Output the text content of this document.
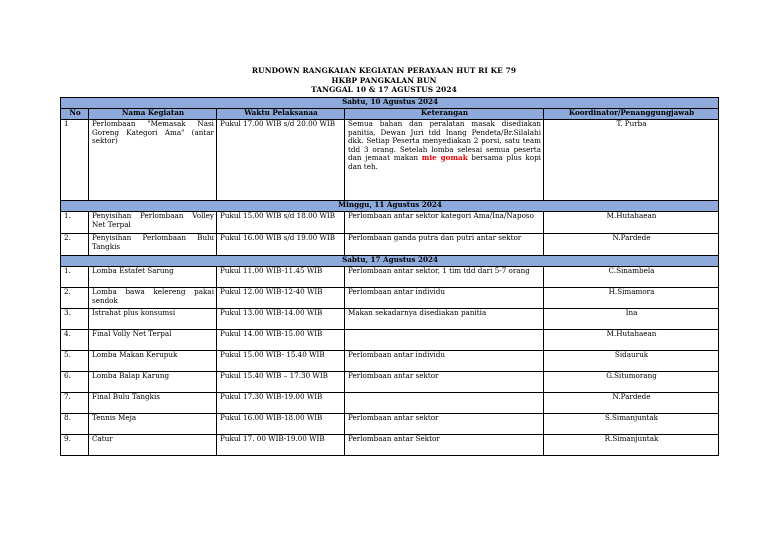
RUNDOWN RANGKAIAN KEGIATAN PERAYAAN HUT RI KE 79
HKBP PANGKALAN BUN
TANGGAL 10 & 17 AGUSTUS 2024
Sabtu, 10 Agustus 2024				
No	Nama Kegiatan	Waktu Pelaksanaa	Keterangan	Koordinator/Penanggungjawab
1	Perlombaan "Memasak Nasi Goreng Kategori Ama" (antar sektor)	Pukul 17.00 WIB s/d 20.00 WIB	Semua bahan dan peralatan masak disediakan panitia, Dewan Juri tdd Inang Pendeta/Br.Silalahi dkk. Setiap Peserta menyediakan 2 porsi, satu team tdd 3 orang. Setelah lomba selesai semua peserta dan jemaat makan mie gomak bersama plus kopi dan teh.	T. Purba
Minggu, 11 Agustus 2024				
1.	Penyisihan Perlombaan Volley Net Terpal	Pukul 15.00 WIB s/d 18.00 WIB	Perlombaan antar sektor kategori Ama/Ina/Naposo	M.Hutahaean
2.	Penyisihan Perlombaan Bulu Tangkis	Pukul 16.00 WIB s/d 19.00 WIB	Perlombaan ganda putra dan putri antar sektor	N.Pardede
Sabtu, 17 Agustus 2024				
1.	Lomba Estafet Sarung	Pukul 11.00 WIB-11.45 WIB	Perlombaan antar sektor, 1 tim tdd dari 5-7 orang	C.Sinambela
2.	Lomba bawa kelereng pakai sendok	Pukul 12.00 WIB-12-40 WIB	Perlombaan antar individu	H.Simamora
3.	Istrahat plus konsumsi	Pukul 13.00 WIB-14.00 WIB	Makan sekadarnya disediakan panitia	Ina
4.	Final Volly Net Terpal	Pukul 14.00 WIB-15.00 WIB		M.Hutahaean
5.	Lomba Makan Kerupuk	Pukul 15.00 WIB- 15.40 WIB	Perlombaan antar individu	Sidauruk
6.	Lomba Balap Karung	Pukul 15.40 WIB – 17.30 WIB	Perlombaan antar sektor	G.Situmorang
7.	Final Bulu Tangkis	Pukul 17.30 WIB-19.00 WIB		N.Pardede
8.	Tennis Meja	Pukul 16.00 WIB-18.00 WIB	Perlombaan antar sektor	S.Simanjuntak
9.	Catur	Pukul 17. 00 WIB-19.00 WIB	Perlombaan antar Sektor	R.Simanjuntak
